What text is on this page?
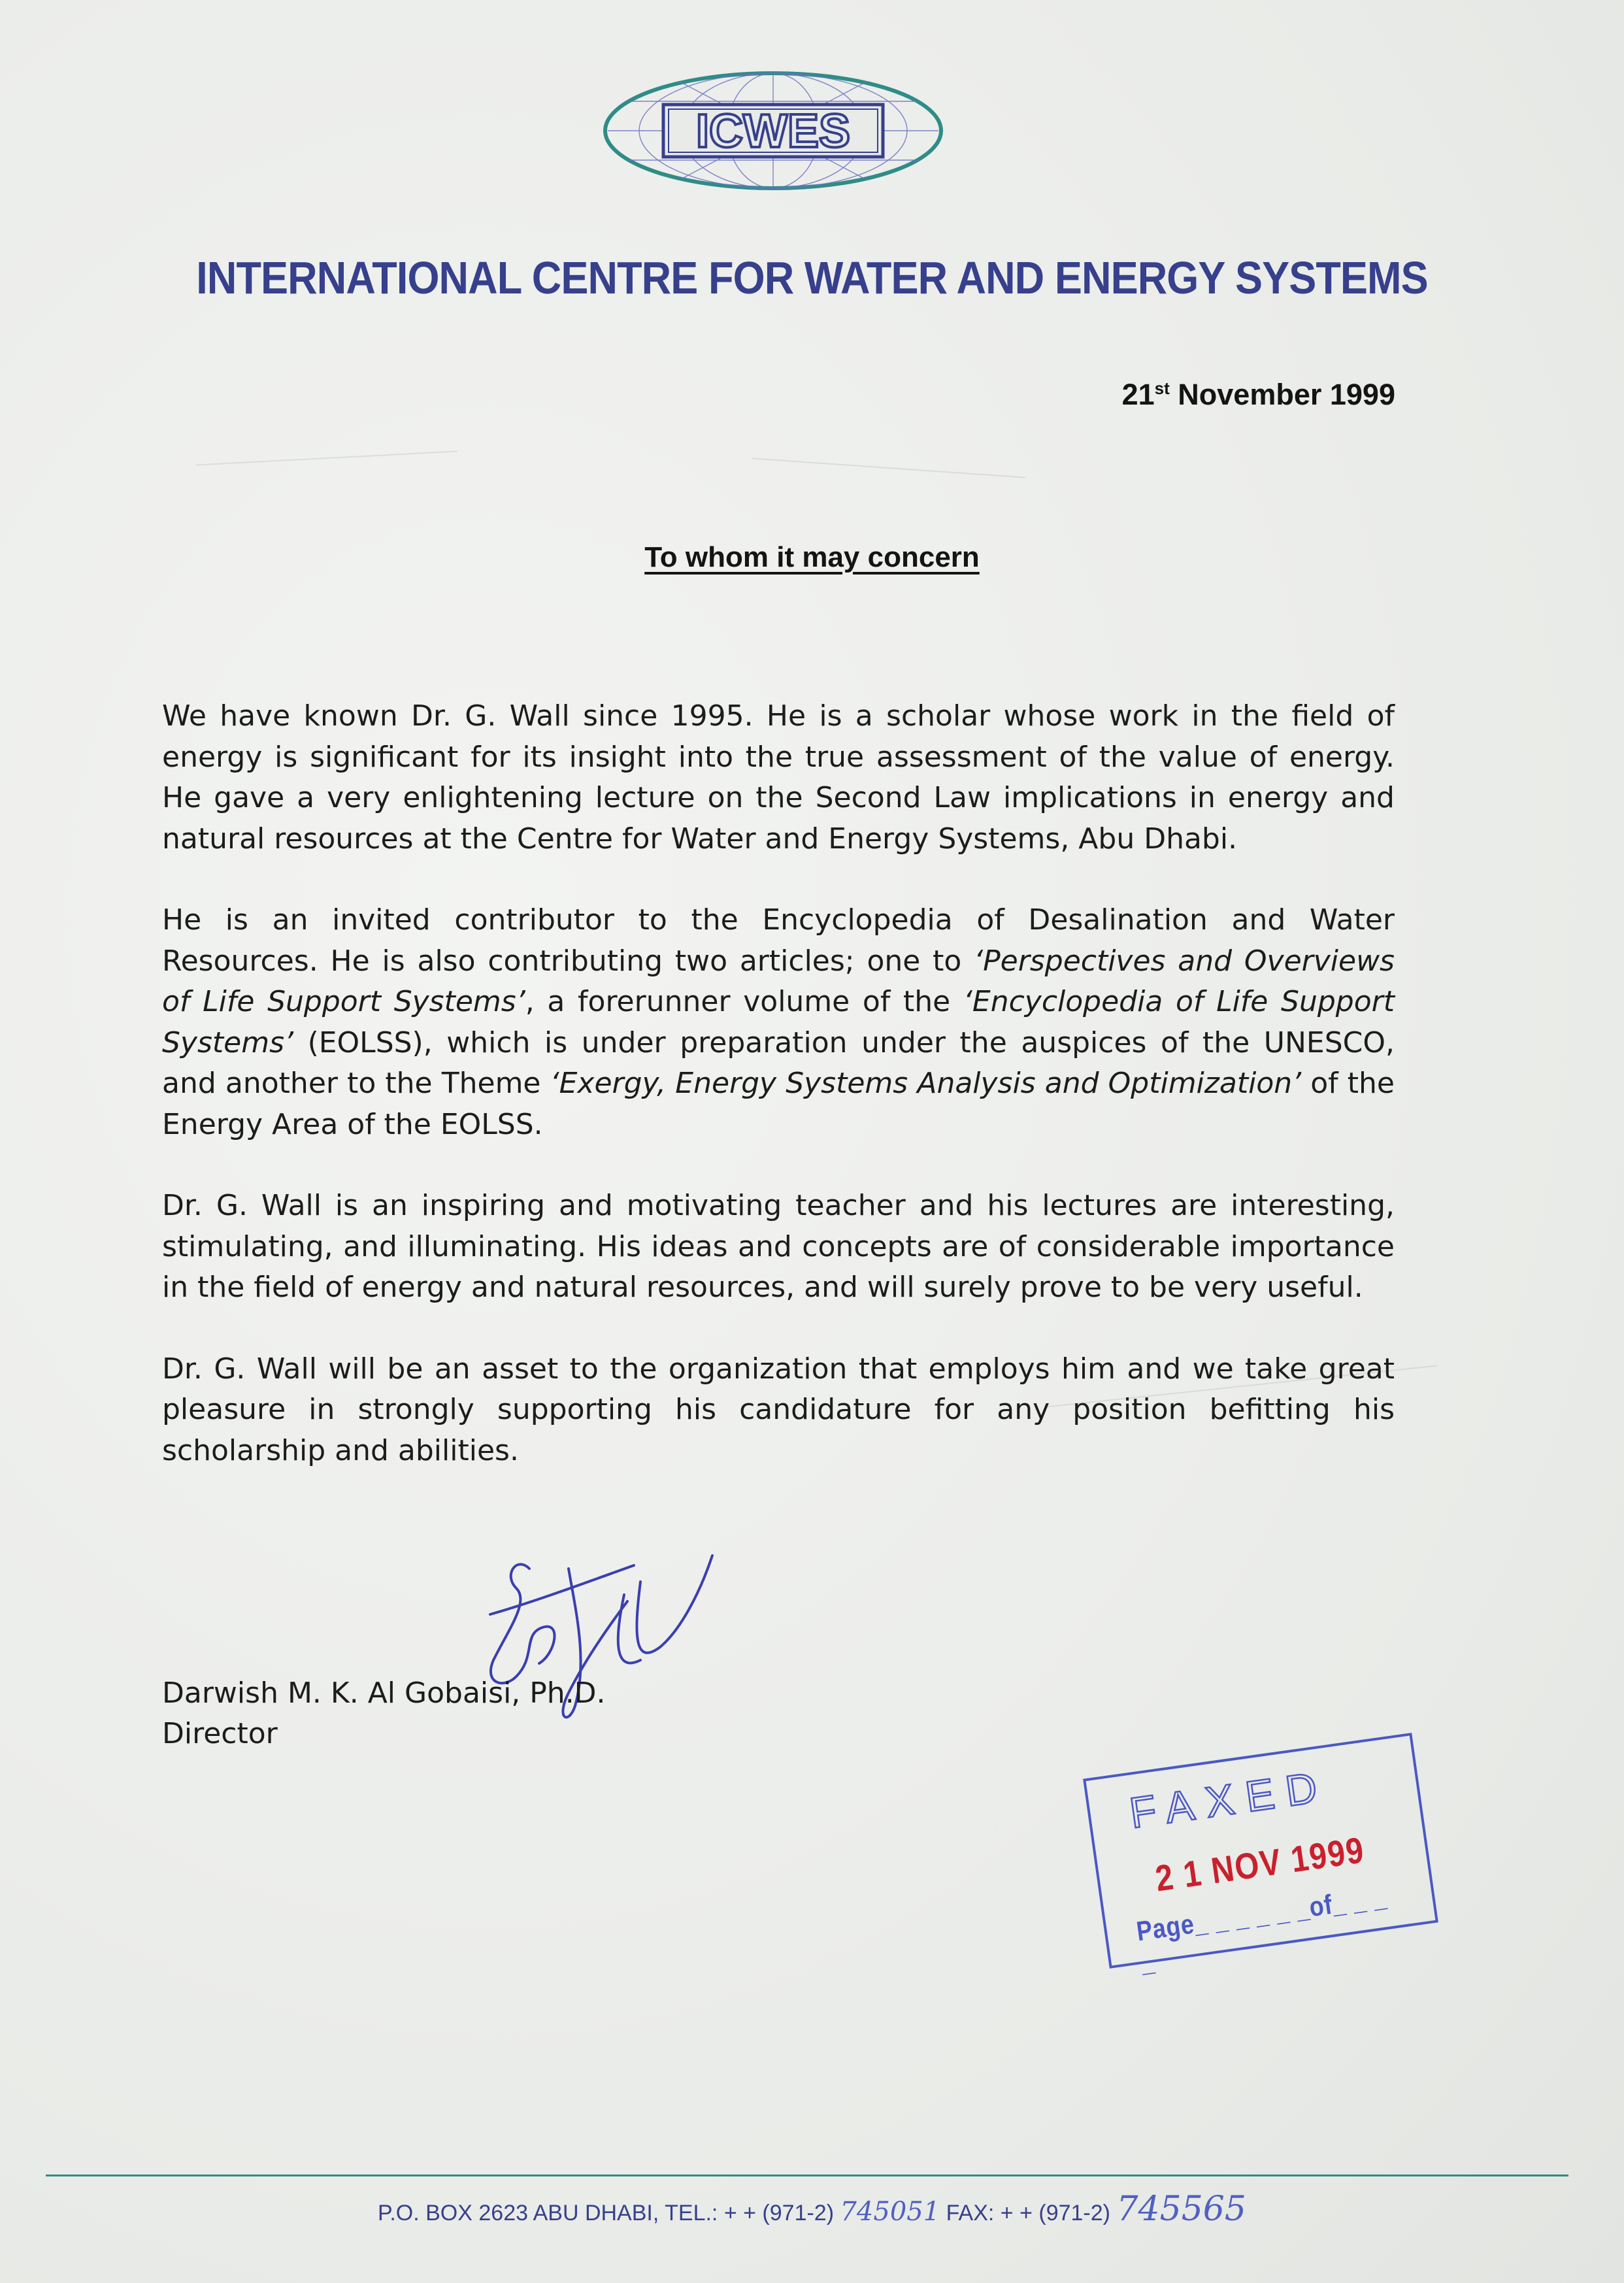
ICWES
INTERNATIONAL CENTRE FOR WATER AND ENERGY SYSTEMS
21st November 1999
To whom it may concern

We have known Dr. G. Wall since 1995. He is a scholar whose work in the field of energy is significant for its insight into the true assessment of the value of energy. He gave a very enlightening lecture on the Second Law implications in energy and natural resources at the Centre for Water and Energy Systems, Abu Dhabi.

He is an invited contributor to the Encyclopedia of Desalination and Water Resources. He is also contributing two articles; one to ‘Perspectives and Overviews of Life Support Systems’, a forerunner volume of the ‘Encyclopedia of Life Support Systems’ (EOLSS), which is under preparation under the auspices of the UNESCO, and another to the Theme ‘Exergy, Energy Systems Analysis and Optimization’ of the Energy Area of the EOLSS.

Dr. G. Wall is an inspiring and motivating teacher and his lectures are interesting, stimulating, and illuminating. His ideas and concepts are of considerable importance in the field of energy and natural resources, and will surely prove to be very useful.

Dr. G. Wall will be an asset to the organization that employs him and we take great pleasure in strongly supporting his candidature for any position befitting his scholarship and abilities.

Darwish M. K. Al Gobaisi, Ph.D.
Director
FAXED
2 1 NOV 1999
Page_ _ _ _ _ _of_ _ _ _
P.O. BOX 2623 ABU DHABI, TEL.: + + (971-2) 745051 FAX: + + (971-2) 745565
